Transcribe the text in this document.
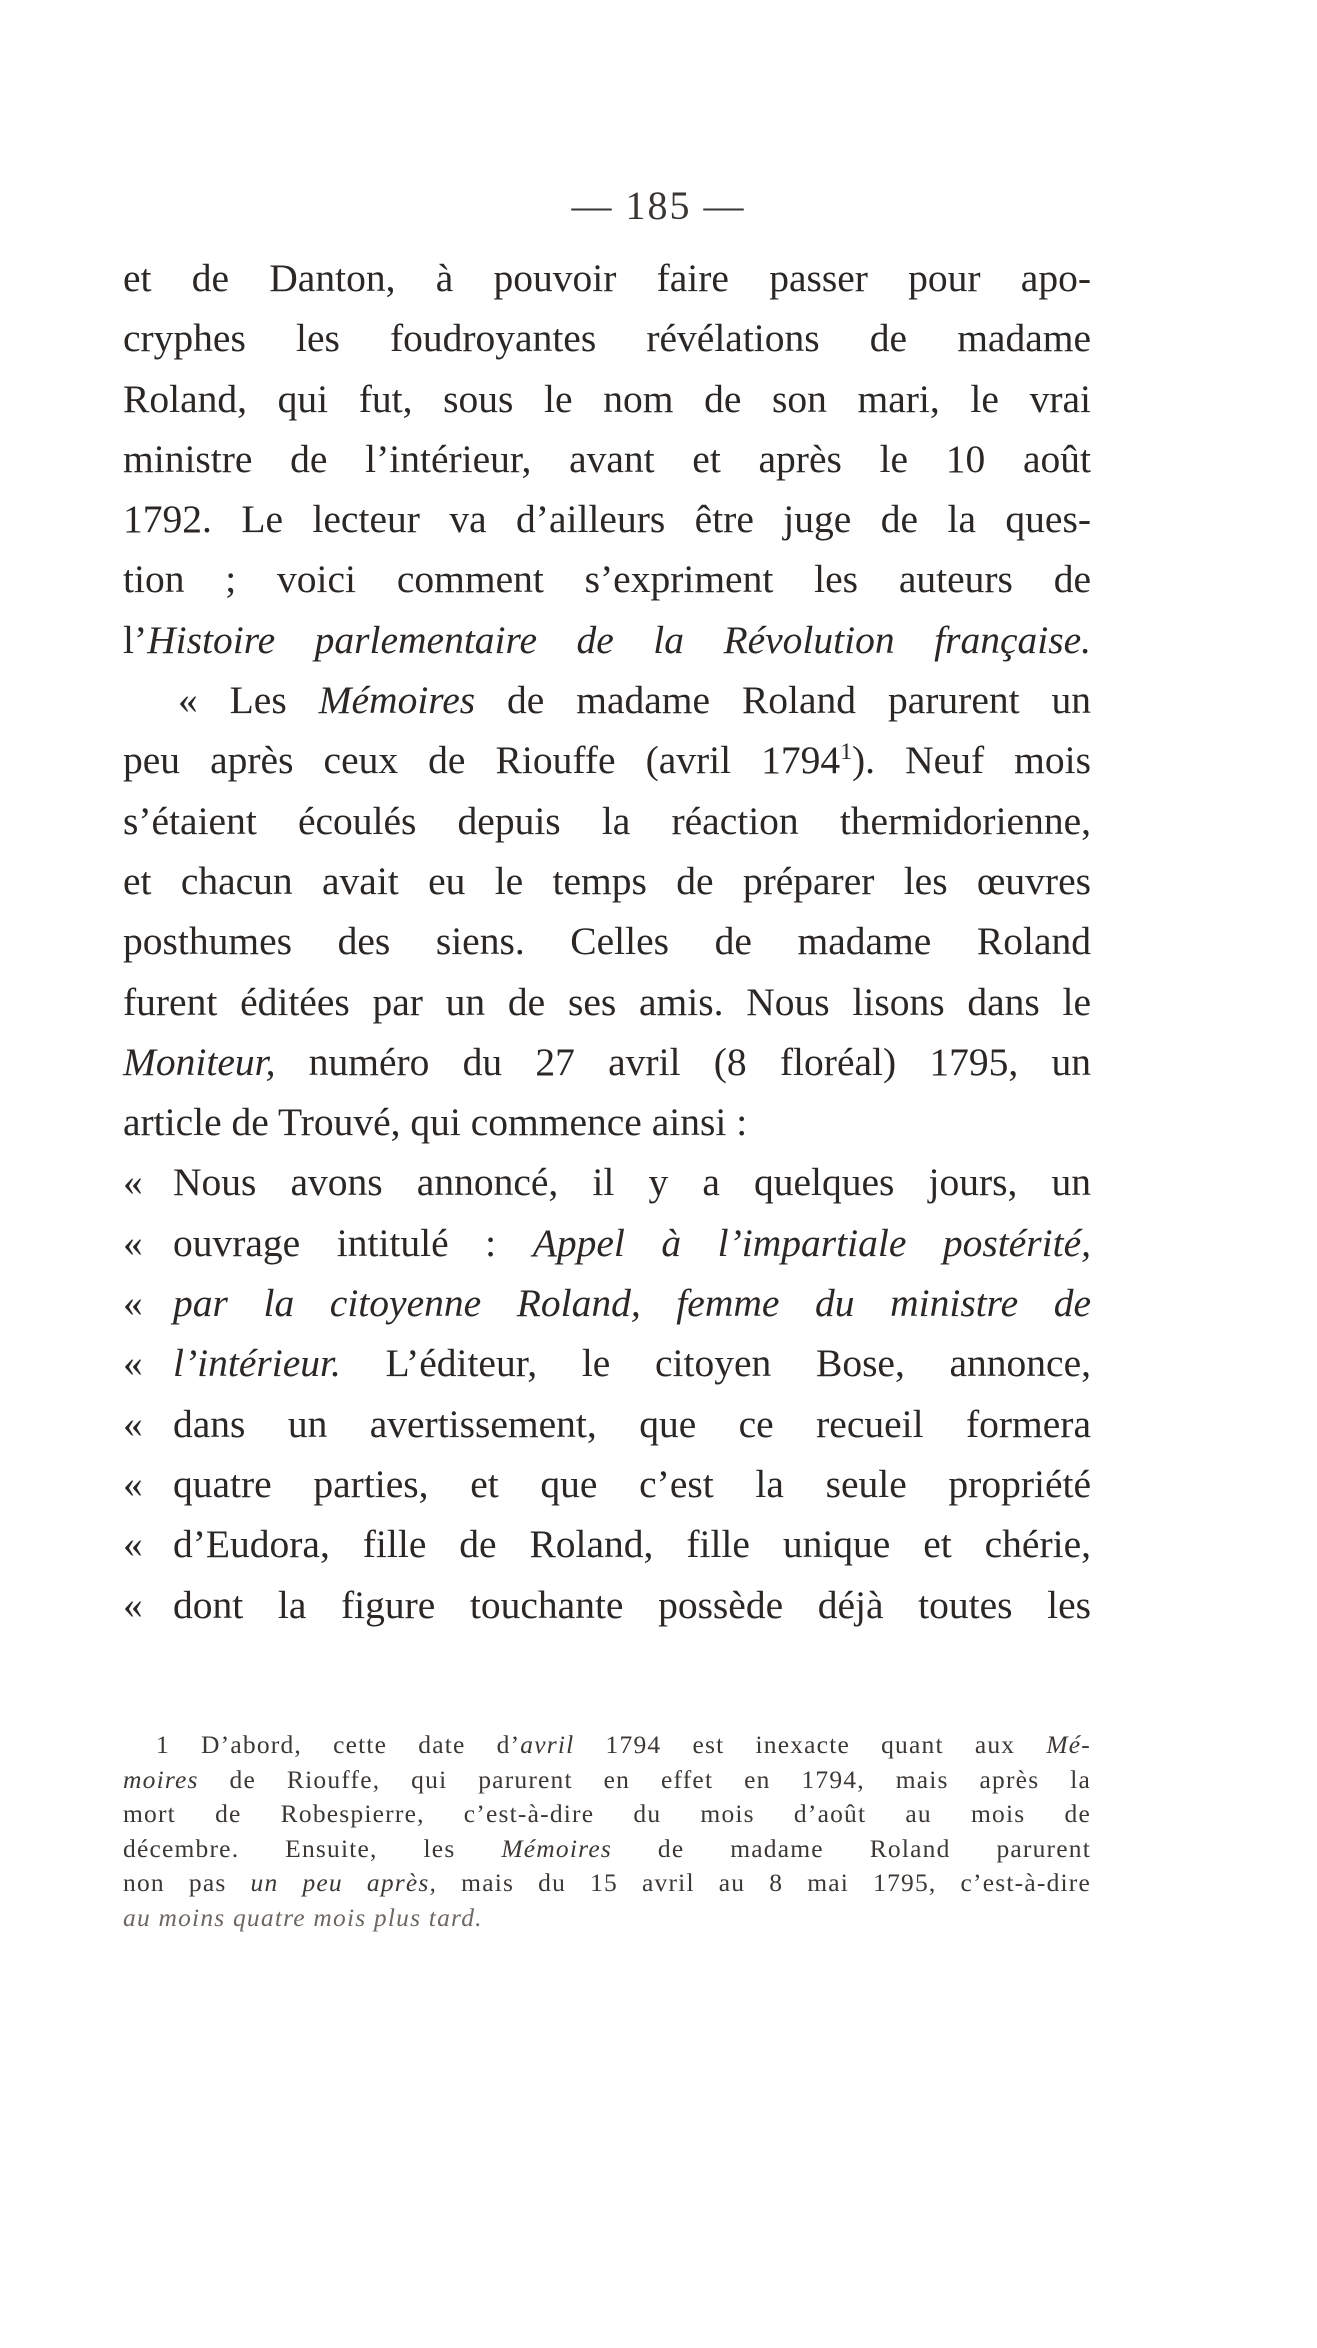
— 185 —
et de Danton, à pouvoir faire passer pour apo-
cryphes les foudroyantes révélations de madame
Roland, qui fut, sous le nom de son mari, le vrai
ministre de l’intérieur, avant et après le 10 août
1792. Le lecteur va d’ailleurs être juge de la ques-
tion ; voici comment s’expriment les auteurs de
l’Histoire parlementaire de la Révolution française.
« Les Mémoires de madame Roland parurent un
peu après ceux de Riouffe (avril 1794$^1$). Neuf mois
s’étaient écoulés depuis la réaction thermidorienne,
et chacun avait eu le temps de préparer les œuvres
posthumes des siens. Celles de madame Roland
furent éditées par un de ses amis. Nous lisons dans le
Moniteur, numéro du 27 avril (8 floréal) 1795, un
article de Trouvé, qui commence ainsi :
« Nous avons annoncé, il y a quelques jours, un
« ouvrage intitulé : Appel à l’impartiale postérité,
« par la citoyenne Roland, femme du ministre de
« l’intérieur. L’éditeur, le citoyen Bose, annonce,
« dans un avertissement, que ce recueil formera
« quatre parties, et que c’est la seule propriété
« d’Eudora, fille de Roland, fille unique et chérie,
« dont la figure touchante possède déjà toutes les
1 D’abord, cette date d’avril 1794 est inexacte quant aux Mé-
moires de Riouffe, qui parurent en effet en 1794, mais après la
mort de Robespierre, c’est-à-dire du mois d’août au mois de
décembre. Ensuite, les Mémoires de madame Roland parurent
non pas un peu après, mais du 15 avril au 8 mai 1795, c’est-à-dire
au moins quatre mois plus tard.
